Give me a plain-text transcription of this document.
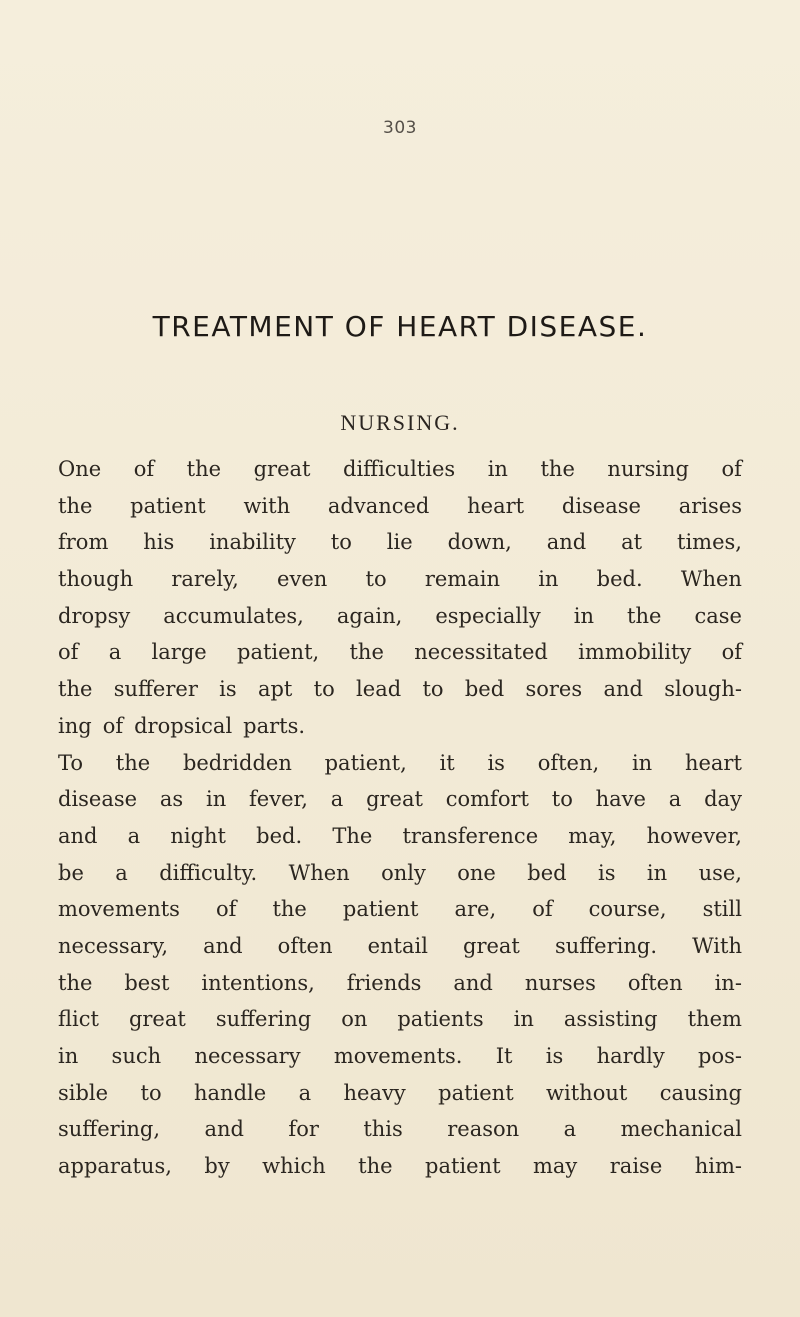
303
TREATMENT OF HEART DISEASE.
NURSING.
One of the great difficulties in the nursing of
the patient with advanced heart disease arises
from his inability to lie down, and at times,
though rarely, even to remain in bed. When
dropsy accumulates, again, especially in the case
of a large patient, the necessitated immobility of
the sufferer is apt to lead to bed sores and slough-
ing of dropsical parts.
To the bedridden patient, it is often, in heart
disease as in fever, a great comfort to have a day
and a night bed. The transference may, however,
be a difficulty. When only one bed is in use,
movements of the patient are, of course, still
necessary, and often entail great suffering. With
the best intentions, friends and nurses often in-
flict great suffering on patients in assisting them
in such necessary movements. It is hardly pos-
sible to handle a heavy patient without causing
suffering, and for this reason a mechanical
apparatus, by which the patient may raise him-
